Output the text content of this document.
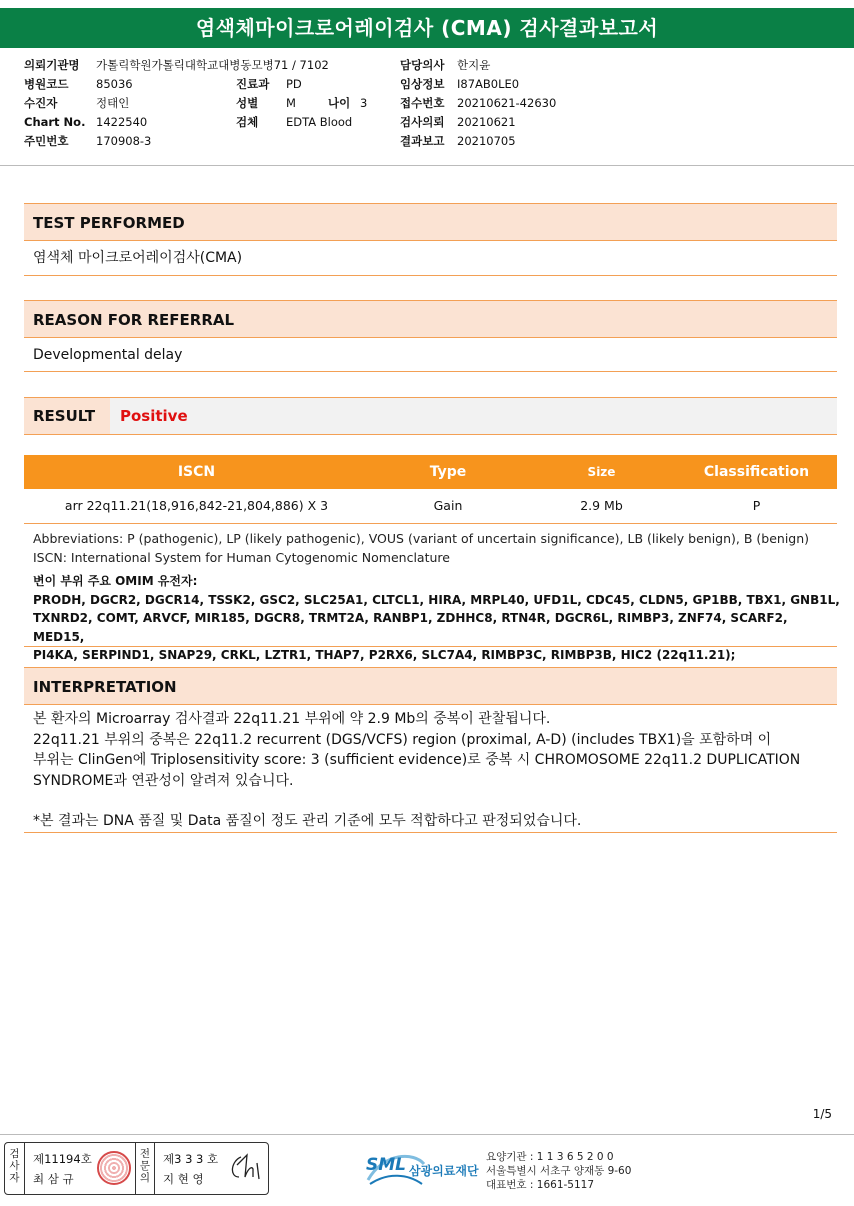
염색체마이크로어레이검사 (CMA) 검사결과보고서
의뢰기관명 가톨릭학원가톨릭대학교대병동모병71 / 7102
병원코드 85036
수진자	정태인
Chart No. 1422540
주민번호 170908-3
진료과 PD
성별 M	나이 3
검체 EDTA Blood
담당의사 한지윤
임상정보 I87AB0LE0
접수번호 20210621-42630
검사의뢰 20210621
결과보고 20210705
TEST PERFORMED
염색체 마이크로어레이검사(CMA)
REASON FOR REFERRAL
Developmental delay
RESULT	Positive
ISCN	Type	Size	Classification
arr 22q11.21(18,916,842-21,804,886) X 3	Gain	2.9 Mb	P
Abbreviations: P (pathogenic), LP (likely pathogenic), VOUS (variant of uncertain significance), LB (likely benign), B (benign)
ISCN: International System for Human Cytogenomic Nomenclature
변이 부위 주요 OMIM 유전자:
PRODH, DGCR2, DGCR14, TSSK2, GSC2, SLC25A1, CLTCL1, HIRA, MRPL40, UFD1L, CDC45, CLDN5, GP1BB, TBX1, GNB1L,
TXNRD2, COMT, ARVCF, MIR185, DGCR8, TRMT2A, RANBP1, ZDHHC8, RTN4R, DGCR6L, RIMBP3, ZNF74, SCARF2, MED15,
PI4KA, SERPIND1, SNAP29, CRKL, LZTR1, THAP7, P2RX6, SLC7A4, RIMBP3C, RIMBP3B, HIC2 (22q11.21);
INTERPRETATION

본 환자의 Microarray 검사결과 22q11.21 부위에 약 2.9 Mb의 중복이 관찰됩니다.

22q11.21 부위의 중복은 22q11.2 recurrent (DGS/VCFS) region (proximal, A-D) (includes TBX1)을 포함하며 이

부위는 ClinGen에 Triplosensitivity score: 3 (sufficient evidence)로 중복 시 CHROMOSOME 22q11.2 DUPLICATION

SYNDROME과 연관성이 알려져 있습니다.

*본 결과는 DNA 품질 및 Data 품질이 정도 관리 기준에 모두 적합하다고 판정되었습니다.

1/5
검사자
제11194호
최 삼 규
전문의
제3 3 3 호
지 현 영
SML 삼광의료재단
요양기관 : 1 1 3 6 5 2 0 0
서울특별시 서초구 양재동 9-60
대표번호 : 1661-5117
